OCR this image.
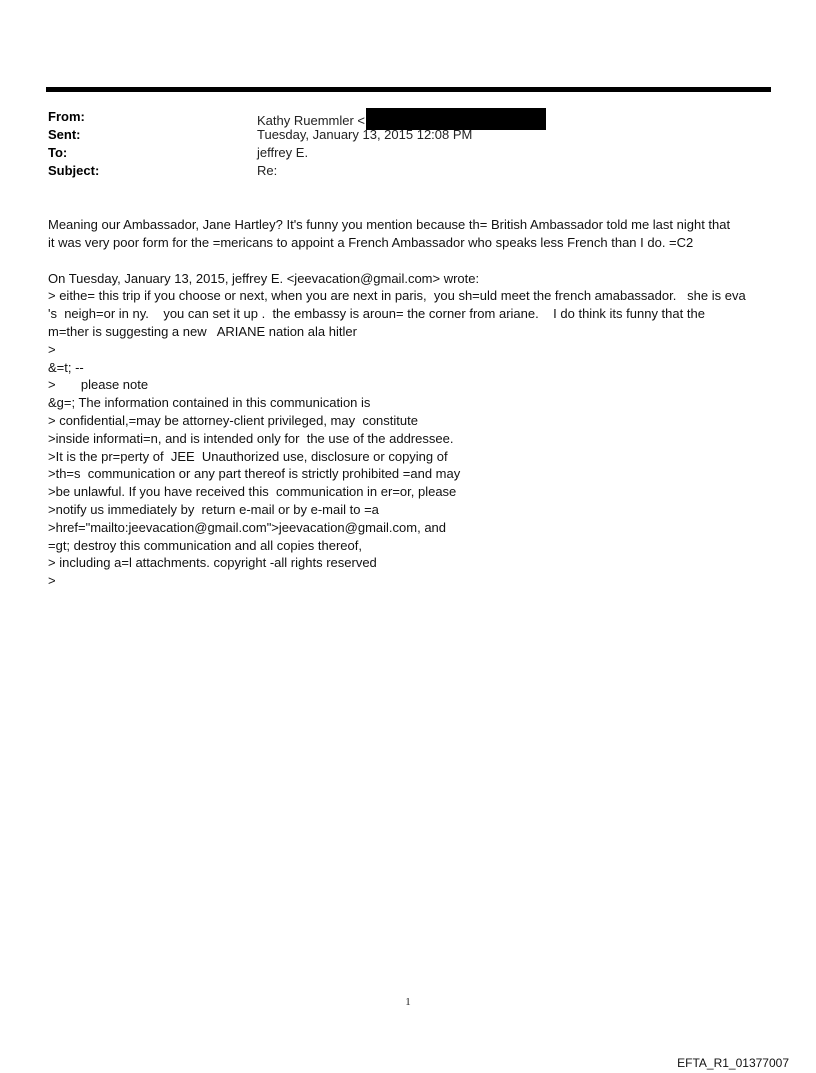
From:	Kathy Ruemmler <
Sent:	Tuesday, January 13, 2015 12:08 PM
To:	jeffrey E.
Subject:	Re:

Meaning our Ambassador, Jane Hartley? It's funny you mention because th= British Ambassador told me last night that

it was very poor form for the =mericans to appoint a French Ambassador who speaks less French than I do. =C2

On Tuesday, January 13, 2015, jeffrey E. <jeevacation@gmail.com> wrote:

> eithe= this trip if you choose or next, when you are next in paris,  you sh=uld meet the french amabassador.   she is eva

's  neigh=or in ny.    you can set it up .  the embassy is aroun= the corner from ariane.    I do think its funny that the

m=ther is suggesting a new   ARIANE nation ala hitler

>

&=t; --

>       please note

&g=; The information contained in this communication is

> confidential,=may be attorney-client privileged, may  constitute

>inside informati=n, and is intended only for  the use of the addressee.

>It is the pr=perty of  JEE  Unauthorized use, disclosure or copying of

>th=s  communication or any part thereof is strictly prohibited =and may

>be unlawful. If you have received this  communication in er=or, please

>notify us immediately by  return e-mail or by e-mail to =a

>href="mailto:jeevacation@gmail.com">jeevacation@gmail.com, and

=gt; destroy this communication and all copies thereof,

> including a=l attachments. copyright -all rights reserved

>

1
EFTA_R1_01377007
